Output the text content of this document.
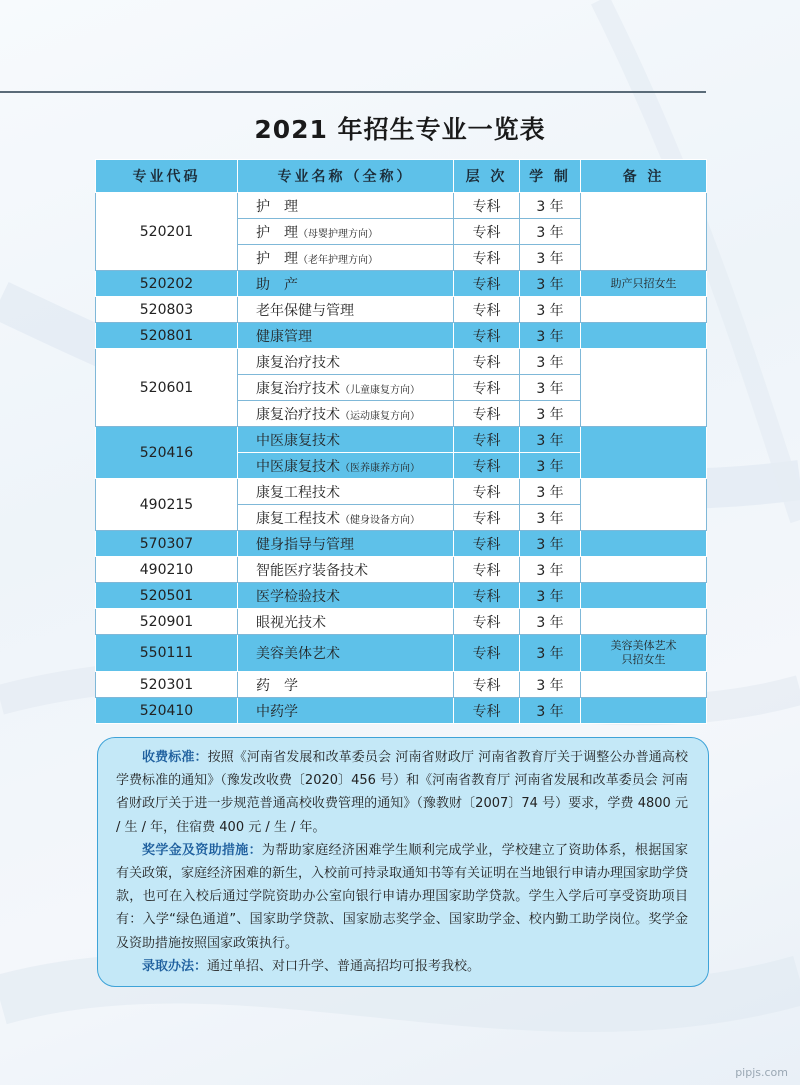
2021 年招生专业一览表
专业代码	专业名称（全称）	层 次	学 制	备 注
520201	护　理	专科	3 年	
	护　理（母婴护理方向）	专科	3 年	
	护　理（老年护理方向）	专科	3 年	
520202	助　产	专科	3 年	助产只招女生
520803	老年保健与管理	专科	3 年	
520801	健康管理	专科	3 年	
520601	康复治疗技术	专科	3 年	
	康复治疗技术（儿童康复方向）	专科	3 年	
	康复治疗技术（运动康复方向）	专科	3 年	
520416	中医康复技术	专科	3 年	
	中医康复技术（医养康养方向）	专科	3 年	
490215	康复工程技术	专科	3 年	
	康复工程技术（健身设备方向）	专科	3 年	
570307	健身指导与管理	专科	3 年	
490210	智能医疗装备技术	专科	3 年	
520501	医学检验技术	专科	3 年	
520901	眼视光技术	专科	3 年	
550111	美容美体艺术	专科	3 年	美容美体艺术
只招女生
520301	药　学	专科	3 年	
520410	中药学	专科	3 年	

收费标准：按照《河南省发展和改革委员会 河南省财政厅 河南省教育厅关于调整公办普通高校学费标准的通知》（豫发改收费〔2020〕456 号）和《河南省教育厅 河南省发展和改革委员会 河南省财政厅关于进一步规范普通高校收费管理的通知》（豫教财〔2007〕74 号）要求，学费 4800 元 / 生 / 年，住宿费 400 元 / 生 / 年。

奖学金及资助措施：为帮助家庭经济困难学生顺利完成学业，学校建立了资助体系，根据国家有关政策，家庭经济困难的新生，入校前可持录取通知书等有关证明在当地银行申请办理国家助学贷款，也可在入校后通过学院资助办公室向银行申请办理国家助学贷款。学生入学后可享受资助项目有：入学“绿色通道”、国家助学贷款、国家励志奖学金、国家助学金、校内勤工助学岗位。奖学金及资助措施按照国家政策执行。

录取办法：通过单招、对口升学、普通高招均可报考我校。

pipjs.com
